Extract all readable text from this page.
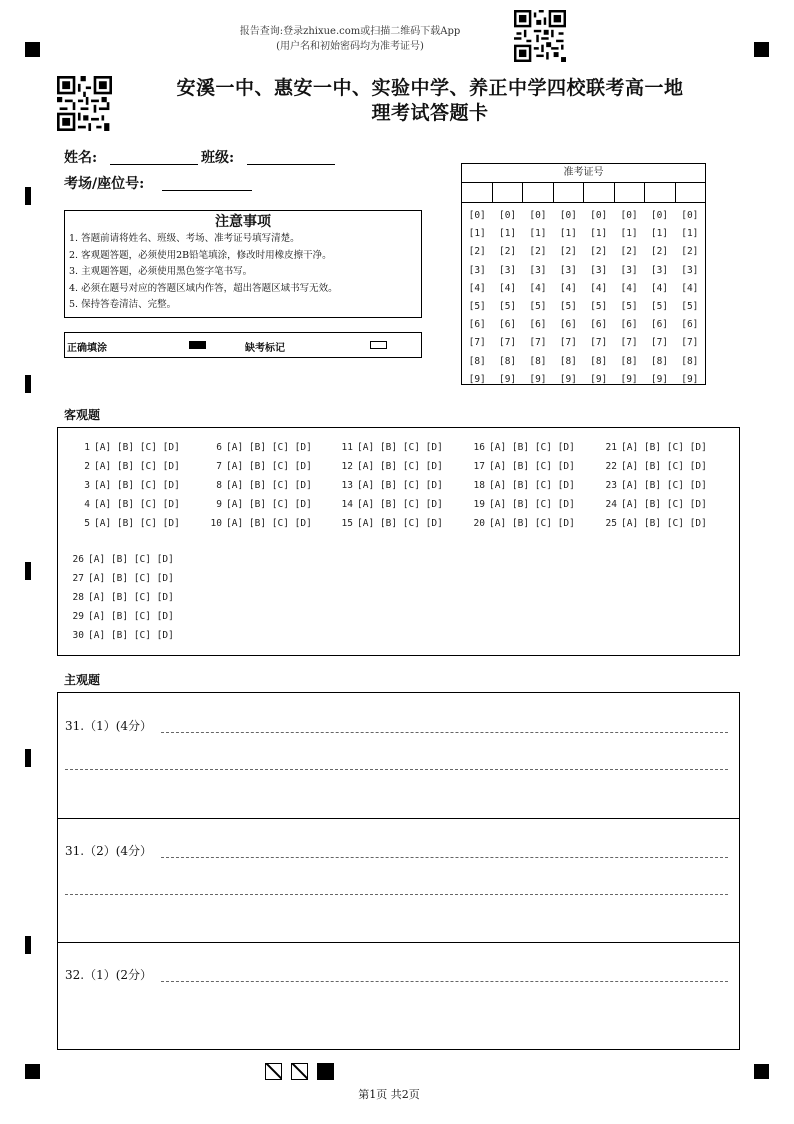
报告查询:登录zhixue.com或扫描二维码下载App
(用户名和初始密码均为准考证号)
安溪一中、惠安一中、实验中学、养正中学四校联考高一地
理考试答题卡
姓名:	班级:
考场/座位号:
注意事项
1. 答题前请将姓名、班级、考场、准考证号填写清楚。
2. 客观题答题，必须使用2B铅笔填涂，修改时用橡皮擦干净。
3. 主观题答题，必须使用黑色签字笔书写。
4. 必须在题号对应的答题区域内作答，超出答题区域书写无效。
5. 保持答卷清洁、完整。
正确填涂	缺考标记
准考证号
[0]
[1]
[2]
[3]
[4]
[5]
[6]
[7]
[8]
[9]
[0]
[1]
[2]
[3]
[4]
[5]
[6]
[7]
[8]
[9]
[0]
[1]
[2]
[3]
[4]
[5]
[6]
[7]
[8]
[9]
[0]
[1]
[2]
[3]
[4]
[5]
[6]
[7]
[8]
[9]
[0]
[1]
[2]
[3]
[4]
[5]
[6]
[7]
[8]
[9]
[0]
[1]
[2]
[3]
[4]
[5]
[6]
[7]
[8]
[9]
[0]
[1]
[2]
[3]
[4]
[5]
[6]
[7]
[8]
[9]
[0]
[1]
[2]
[3]
[4]
[5]
[6]
[7]
[8]
[9]
客观题
1 [A] [B] [C] [D]
2 [A] [B] [C] [D]
3 [A] [B] [C] [D]
4 [A] [B] [C] [D]
5 [A] [B] [C] [D]
6 [A] [B] [C] [D]
7 [A] [B] [C] [D]
8 [A] [B] [C] [D]
9 [A] [B] [C] [D]
10 [A] [B] [C] [D]
11 [A] [B] [C] [D]
12 [A] [B] [C] [D]
13 [A] [B] [C] [D]
14 [A] [B] [C] [D]
15 [A] [B] [C] [D]
16 [A] [B] [C] [D]
17 [A] [B] [C] [D]
18 [A] [B] [C] [D]
19 [A] [B] [C] [D]
20 [A] [B] [C] [D]
21 [A] [B] [C] [D]
22 [A] [B] [C] [D]
23 [A] [B] [C] [D]
24 [A] [B] [C] [D]
25 [A] [B] [C] [D]
26 [A] [B] [C] [D]
27 [A] [B] [C] [D]
28 [A] [B] [C] [D]
29 [A] [B] [C] [D]
30 [A] [B] [C] [D]
主观题
31.（1）(4分）
31.（2）(4分）
32.（1）(2分）
第1页 共2页
